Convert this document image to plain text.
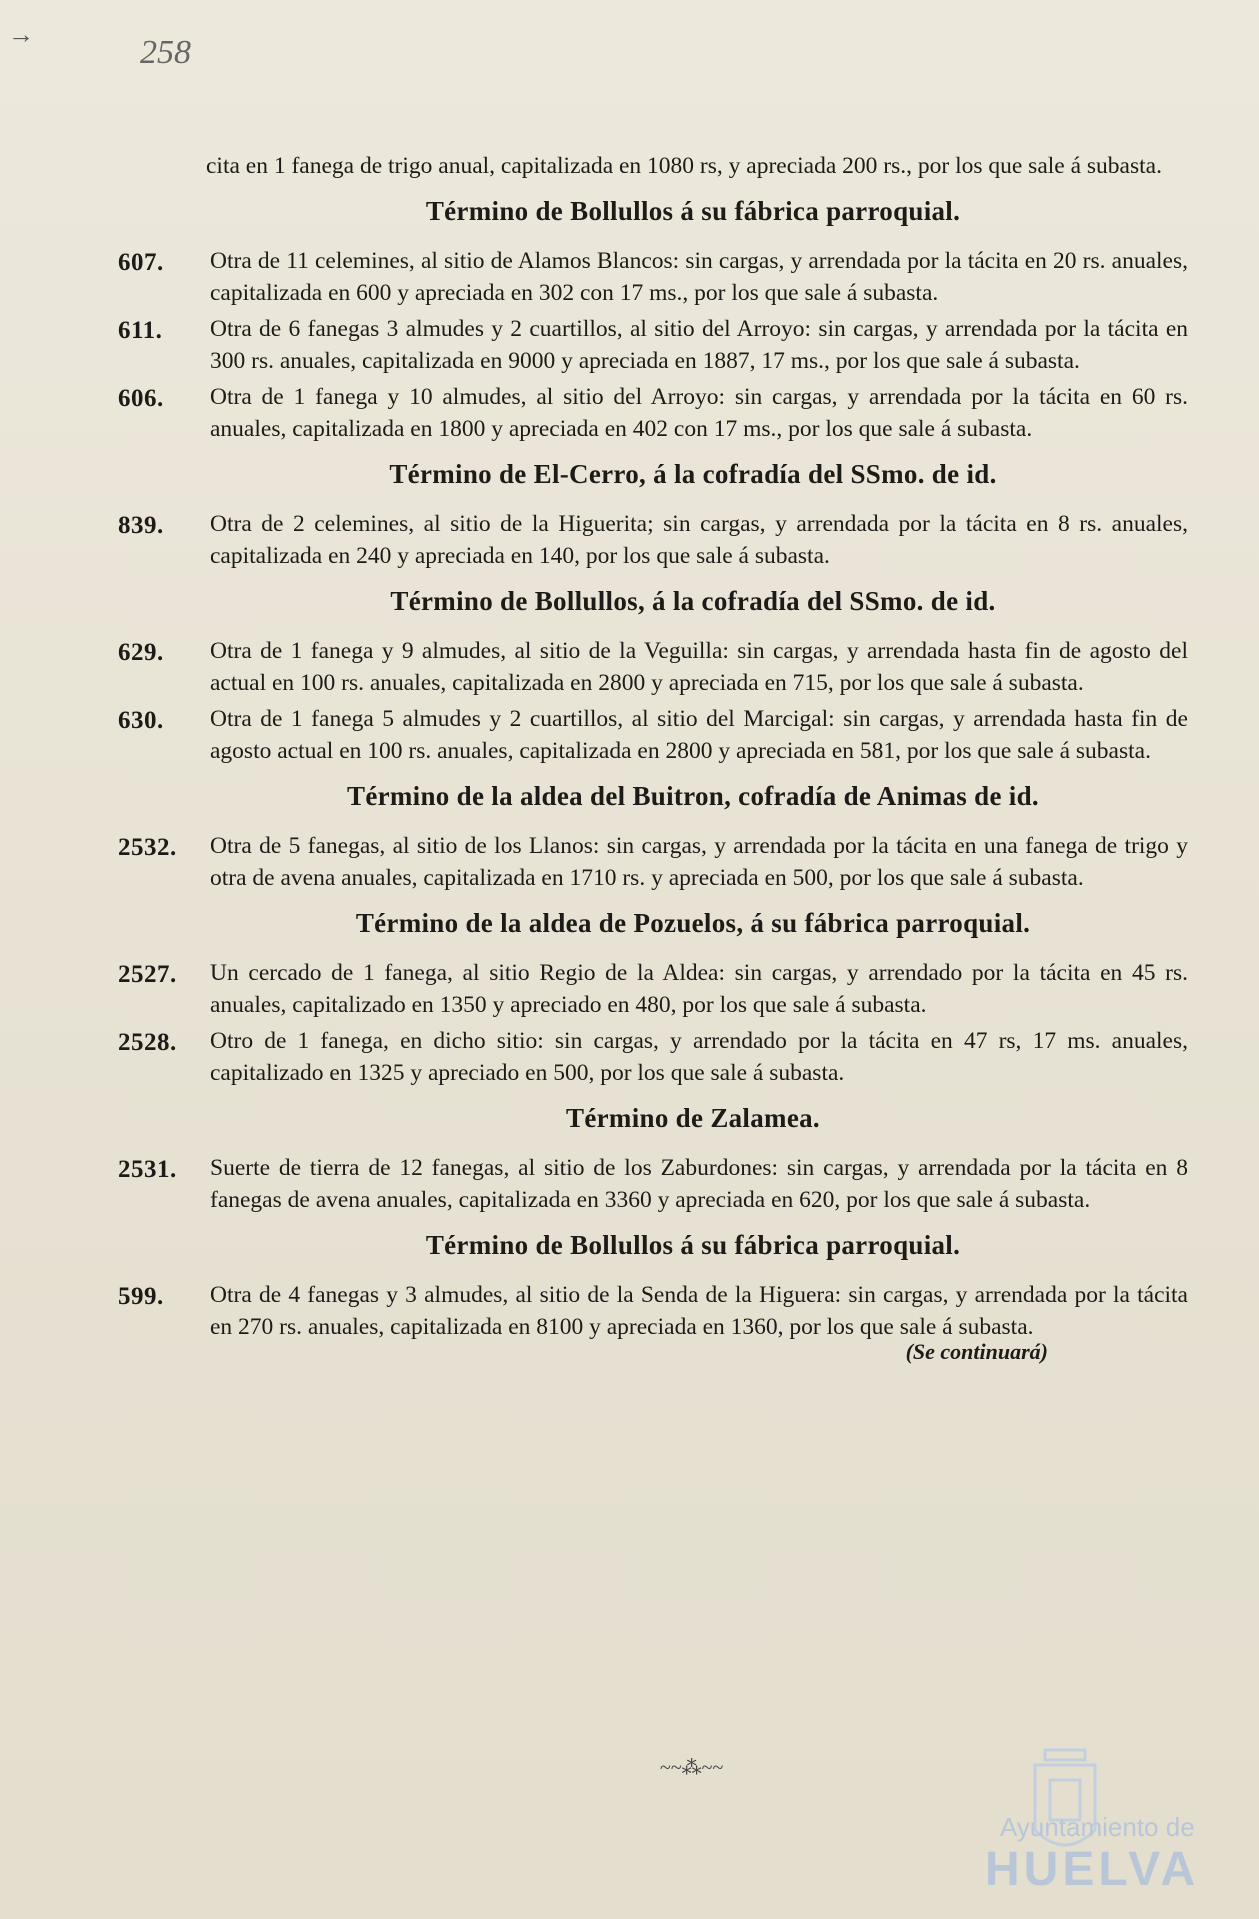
→	258
cita en 1 fanega de trigo anual, capitalizada en 1080 rs, y apreciada 200 rs., por los que sale á subasta.
Término de Bollullos á su fábrica parroquial.
607.	Otra de 11 celemines, al sitio de Alamos Blancos: sin cargas, y arrendada por la tácita en 20 rs. anuales, capitalizada en 600 y apreciada en 302 con 17 ms., por los que sale á subasta.
611.	Otra de 6 fanegas 3 almudes y 2 cuartillos, al sitio del Arroyo: sin cargas, y arrendada por la tácita en 300 rs. anuales, capitalizada en 9000 y apreciada en 1887, 17 ms., por los que sale á subasta.
606.	Otra de 1 fanega y 10 almudes, al sitio del Arroyo: sin cargas, y arrendada por la tácita en 60 rs. anuales, capitalizada en 1800 y apreciada en 402 con 17 ms., por los que sale á subasta.
Término de El-Cerro, á la cofradía del SSmo. de id.
839.	Otra de 2 celemines, al sitio de la Higuerita; sin cargas, y arrendada por la tácita en 8 rs. anuales, capitalizada en 240 y apreciada en 140, por los que sale á subasta.
Término de Bollullos, á la cofradía del SSmo. de id.
629.	Otra de 1 fanega y 9 almudes, al sitio de la Veguilla: sin cargas, y arrendada hasta fin de agosto del actual en 100 rs. anuales, capitalizada en 2800 y apreciada en 715, por los que sale á subasta.
630.	Otra de 1 fanega 5 almudes y 2 cuartillos, al sitio del Marcigal: sin cargas, y arrendada hasta fin de agosto actual en 100 rs. anuales, capitalizada en 2800 y apreciada en 581, por los que sale á subasta.
Término de la aldea del Buitron, cofradía de Animas de id.
2532.	Otra de 5 fanegas, al sitio de los Llanos: sin cargas, y arrendada por la tácita en una fanega de trigo y otra de avena anuales, capitalizada en 1710 rs. y apreciada en 500, por los que sale á subasta.
Término de la aldea de Pozuelos, á su fábrica parroquial.
2527.	Un cercado de 1 fanega, al sitio Regio de la Aldea: sin cargas, y arrendado por la tácita en 45 rs. anuales, capitalizado en 1350 y apreciado en 480, por los que sale á subasta.
2528.	Otro de 1 fanega, en dicho sitio: sin cargas, y arrendado por la tácita en 47 rs, 17 ms. anuales, capitalizado en 1325 y apreciado en 500, por los que sale á subasta.
Término de Zalamea.
2531.	Suerte de tierra de 12 fanegas, al sitio de los Zaburdones: sin cargas, y arrendada por la tácita en 8 fanegas de avena anuales, capitalizada en 3360 y apreciada en 620, por los que sale á subasta.
Término de Bollullos á su fábrica parroquial.
599.	Otra de 4 fanegas y 3 almudes, al sitio de la Senda de la Higuera: sin cargas, y arrendada por la tácita en 270 rs. anuales, capitalizada en 8100 y apreciada en 1360, por los que sale á subasta.
(Se continuará)
~~⁂~~
Ayuntamiento de
HUELVA
